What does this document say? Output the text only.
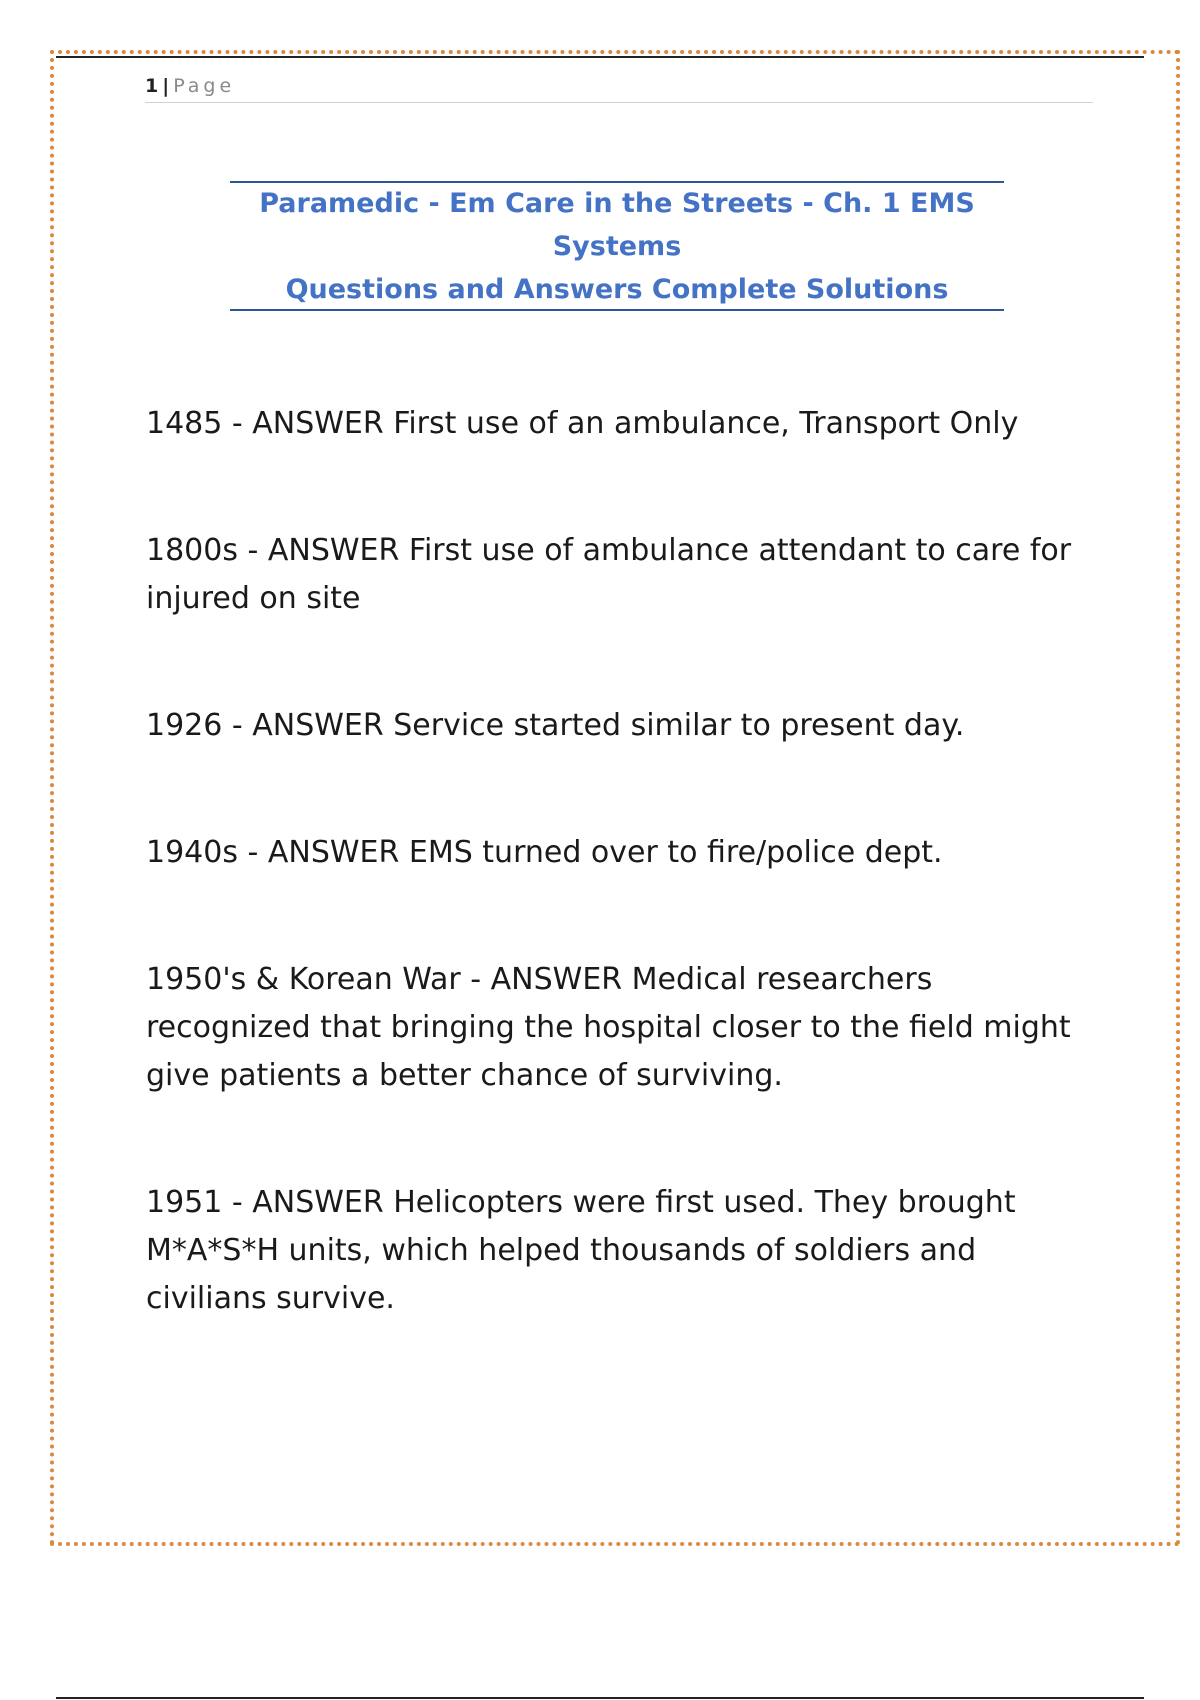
1 | Page
Paramedic - Em Care in the Streets - Ch. 1 EMS Systems
Questions and Answers Complete Solutions

1485 - ANSWER First use of an ambulance, Transport Only

1800s - ANSWER First use of ambulance attendant to care for injured on site

1926 - ANSWER Service started similar to present day.

1940s - ANSWER EMS turned over to fire/police dept.

1950's & Korean War - ANSWER Medical researchers recognized that bringing the hospital closer to the field might give patients a better chance of surviving.

1951 - ANSWER Helicopters were first used. They brought M*A*S*H units, which helped thousands of soldiers and civilians survive.
